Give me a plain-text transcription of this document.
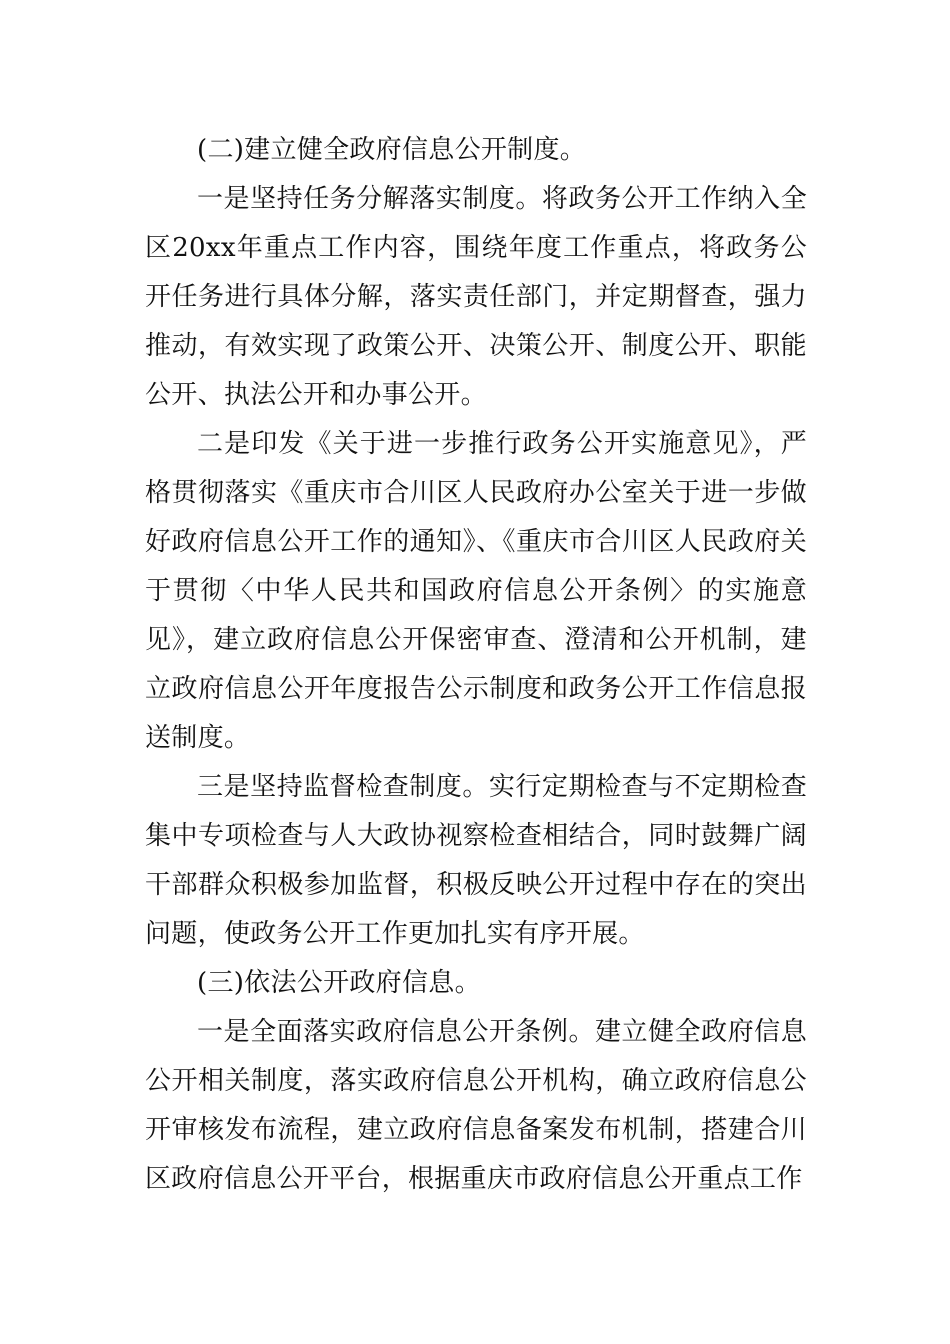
(二)建立健全政府信息公开制度。

一是坚持任务分解落实制度。将政务公开工作纳入全区20xx年重点工作内容，围绕年度工作重点，将政务公开任务进行具体分解，落实责任部门，并定期督查，强力推动，有效实现了政策公开、决策公开、制度公开、职能公开、执法公开和办事公开。

二是印发《关于进一步推行政务公开实施意见》，严格贯彻落实《重庆市合川区人民政府办公室关于进一步做好政府信息公开工作的通知》、《重庆市合川区人民政府关于贯彻〈中华人民共和国政府信息公开条例〉的实施意见》，建立政府信息公开保密审查、澄清和公开机制，建立政府信息公开年度报告公示制度和政务公开工作信息报送制度。

三是坚持监督检查制度。实行定期检查与不定期检查集中专项检查与人大政协视察检查相结合，同时鼓舞广阔干部群众积极参加监督，积极反映公开过程中存在的突出问题，使政务公开工作更加扎实有序开展。

(三)依法公开政府信息。

一是全面落实政府信息公开条例。建立健全政府信息公开相关制度，落实政府信息公开机构，确立政府信息公开审核发布流程，建立政府信息备案发布机制，搭建合川区政府信息公开平台，根据重庆市政府信息公开重点工作
